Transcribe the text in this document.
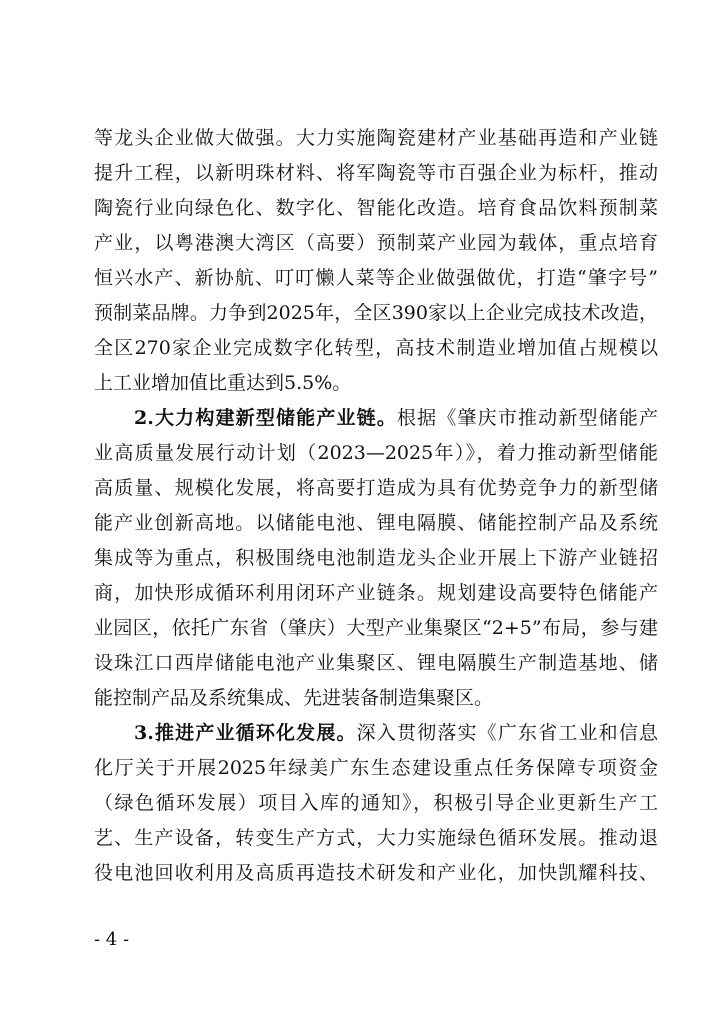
等龙头企业做大做强。大力实施陶瓷建材产业基础再造和产业链
提升工程，以新明珠材料、将军陶瓷等市百强企业为标杆，推动
陶瓷行业向绿色化、数字化、智能化改造。培育食品饮料预制菜
产业，以粤港澳大湾区（高要）预制菜产业园为载体，重点培育
恒兴水产、新协航、叮叮懒人菜等企业做强做优，打造“肇字号”
预制菜品牌。力争到2025年，全区390家以上企业完成技术改造，
全区270家企业完成数字化转型，高技术制造业增加值占规模以
上工业增加值比重达到5.5%。
2.大力构建新型储能产业链。根据《肇庆市推动新型储能产
业高质量发展行动计划（2023—2025年）》，着力推动新型储能
高质量、规模化发展，将高要打造成为具有优势竞争力的新型储
能产业创新高地。以储能电池、锂电隔膜、储能控制产品及系统
集成等为重点，积极围绕电池制造龙头企业开展上下游产业链招
商，加快形成循环利用闭环产业链条。规划建设高要特色储能产
业园区，依托广东省（肇庆）大型产业集聚区“2+5”布局，参与建
设珠江口西岸储能电池产业集聚区、锂电隔膜生产制造基地、储
能控制产品及系统集成、先进装备制造集聚区。
3.推进产业循环化发展。深入贯彻落实《广东省工业和信息
化厅关于开展2025年绿美广东生态建设重点任务保障专项资金
（绿色循环发展）项目入库的通知》，积极引导企业更新生产工
艺、生产设备，转变生产方式，大力实施绿色循环发展。推动退
役电池回收利用及高质再造技术研发和产业化，加快凯耀科技、
- 4 -
